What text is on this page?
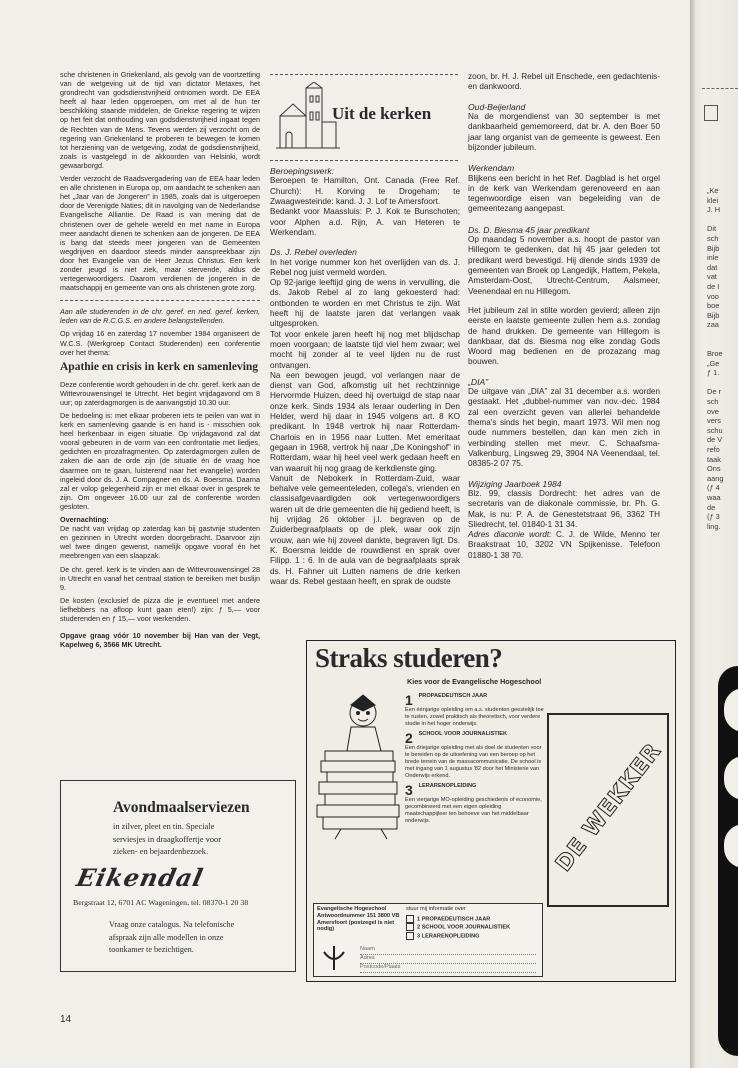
sche christenen in Griekenland, als gevolg van de voortzetting van de wetgeving uit de tijd van dictator Metaxes, het grondrecht van godsdienstvrijheid ontnomen wordt. De EEA heeft al haar leden opgeroepen, om met al de hun ter beschikking staande middelen, de Griekse regering te wijzen op het feit dat onthouding van godsdienstvrijheid ingaat tegen de Rechten van de Mens. Tevens werden zij verzocht om de regering van Griekenland te proberen te bewegen te komen tot herziening van de wetgeving, zodat de godsdienstvrijheid, zoals is vastgelegd in de akkoorden van Helsinki, wordt gewaarborgd.

Verder verzocht de Raadsvergadering van de EEA haar leden en alle christenen in Europa op, om aandacht te schenken aan het „Jaar van de Jongeren” in 1985, zoals dat is uitgeroepen door de Verenigde Naties; dit in navolging van de Nederlandse Evangelische Alliantie. De Raad is van mening dat de christenen over de gehele wereld en met name in Europa meer aandacht dienen te schenken aan de jongeren. De EEA is bang dat steeds meer jongeren van de Gemeenten wegdrijven en daardoor steeds minder aanspreekbaar zijn door het Evangelie van de Heer Jezus Christus. Een kerk zonder jeugd is niet ziek, maar stervende, aldus de vertegenwoordigers. Daarom verdienen de jongeren in de maatschappij en gemeente van ons als christenen grote zorg.

Aan alle studerenden in de chr. geref. en ned. geref. kerken, leden van de R.C.G.S. en andere belangstellenden.

Op vrijdag 16 en zaterdag 17 november 1984 organiseert de W.C.S. (Werkgroep Contact Studerenden) een conferentie over het thema:

Apathie en crisis in kerk en samenleving

Deze conferentie wordt gehouden in de chr. geref. kerk aan de Wittevrouwensingel te Utrecht. Het begint vrijdagavond om 8 uur; op zaterdagmorgen is de aanvangstijd 10.30 uur.

De bedoeling is: met elkaar proberen iets te peilen van wat in kerk en samenleving gaande is en hand is - misschien ook heel herkenbaar in eigen situatie. Op vrijdagavond zal dat vooral gebeuren in de vorm van een confrontatie met liedjes, gedichten en prozafragmenten. Op zaterdagmorgen zullen de zaken die aan de orde zijn (de situatie én de vraag hoe daarmee om te gaan, luisterend naar het evangelie) worden ingeleid door ds. J. A. Compagner en ds. A. Boersma. Daarna zal er volop gelegenheid zijn er met elkaar over in gesprek te zijn. Om ongeveer 16.00 uur zal de conferentie worden gesloten.

Overnachting:

De nacht van vrijdag op zaterdag kan bij gastvrije studenten en gezinnen in Utrecht worden doorgebracht. Daarvoor zijn wel twee dingen gewenst, namelijk opgave vooraf én het meebrengen van een slaapzak.

De chr. geref. kerk is te vinden aan de Wittevrouwensingel 28 in Utrecht en vanaf het centraal station te bereiken met buslijn 9.

De kosten (exclusief de pizza die je eventueel met andere liefhebbers na afloop kunt gaan eten!) zijn: ƒ 5,— voor studerenden en ƒ 15,— voor werkenden.

Opgave graag vóór 10 november bij Han van der Vegt, Kapelweg 6, 3566 MK Utrecht.

Avondmaalserviezen
in zilver, pleet en tin. Speciale
serviesjes in draagkoffertje voor
zieken- en bejaardenbezoek.
Eikendal
Bergstraat 12, 6701 AC Wageningen, tel. 08370-1 20 38
Vraag onze catalogus. Na telefonische
afspraak zijn alle modellen in onze
toonkamer te bezichtigen.
14
Uit de kerken
Beroepingswerk:

Beroepen te Hamilton, Ont. Canada (Free Ref. Church): H. Korving te Drogeham; te Zwaagwesteinde: kand. J. J. Lof te Amersfoort.

Bedankt voor Maassluis: P. J. Kok te Bunschoten; voor Alphen a.d. Rijn, A. van Heteren te Werkendam.

Ds. J. Rebel overleden

In het vorige nummer kon het overlijden van ds. J. Rebel nog juist vermeld worden.

Op 92-jarige leeftijd ging de wens in vervulling, die ds. Jakob Rebel al zo lang gekoesterd had: ontbonden te worden en met Christus te zijn. Wat heeft hij de laatste jaren dat verlangen vaak uitgesproken.

Tot voor enkele jaren heeft hij nog met blijdschap moen voorgaan; de laatste tijd viel hem zwaar; wel mocht hij zonder al te veel lijden nu de rust ontvangen.

Na een bewogen jeugd, vol verlangen naar de dienst van God, afkomstig uit het rechtzinnige Hervormde Huizen, deed hij overtuigd de stap naar onze kerk. Sinds 1934 als leraar ouderling in Den Helder, werd hij daar in 1945 volgens art. 8 KO predikant. In 1948 vertrok hij naar Rotterdam-Charlois en in 1956 naar Lutten. Met emeritaat gegaan in 1968, vertrok hij naar „De Koningshof” in Rotterdam, waar hij heel veel werk gedaan heeft en van waaruit hij nog graag de kerkdienste ging.

Vanuit de Nebokerk in Rotterdam-Zuid, waar behalve vele gemeenteleden, collega's, vrienden en classisafgevaardigden ook vertegenwoordigers waren uit de drie gemeenten die hij gediend heeft, is hij vrijdag 26 oktober j.l. begraven op de Zuiderbegraafplaats op de plek, waar ook zijn vrouw, aan wie hij zoveel dankte, begraven ligt. Ds. K. Boersma leidde de rouwdienst en sprak over Filipp. 1 : 6. In de aula van de begraafplaats sprak ds. H. Fahner uit Lutten namens de drie kerken waar ds. Rebel gestaan heeft, en sprak de oudste

zoon, br. H. J. Rebel uit Enschede, een gedachtenis- en dankwoord.

Oud-Beijerland

Na de morgendienst van 30 september is met dankbaarheid gememoreerd, dat br. A. den Boer 50 jaar lang organist van de gemeente is geweest. Een bijzonder jubileum.

Werkendam

Blijkens een bericht in het Ref. Dagblad is het orgel in de kerk van Werkendam gerenoveerd en aan tegenwoordige eisen van begeleiding van de gemeentezang aangepast.

Ds. D. Biesma 45 jaar predikant

Op maandag 5 november a.s. hoopt de pastor van Hillegom te gedenken, dat hij 45 jaar geleden tot predikant werd bevestigd. Hij diende sinds 1939 de gemeenten van Broek op Langedijk, Hattem, Pekela, Amsterdam-Oost, Utrecht-Centrum, Aalsmeer, Veenendaal en nu Hillegom.

Het jubileum zal in stilte worden gevierd; alleen zijn eerste en laatste gemeente zullen hem a.s. zondag de hand drukken. De gemeente van Hillegom is dankbaar, dat ds. Biesma nog elke zondag Gods Woord mag bedienen en de prozazang mag bouwen.

„DIA”

De uitgave van „DIA” zal 31 december a.s. worden gestaakt. Het „dubbel-nummer van nov.-dec. 1984 zal een overzicht geven van allerlei behandelde thema's sinds het begin, maart 1973. Wil men nog oude nummers bestellen, dan kan men zich in verbinding stellen met mevr. C. Schaafsma-Valkenburg, Lingsweg 29, 3904 NA Veenendaal, tel. 08385-2 07 75.

Wijziging Jaarboek 1984

Blz. 99, classis Dordrecht: het adres van de secretaris van de diakonale commissie, br. Ph. G. Mak, is nu: P. A. de Genestetstraat 96, 3362 TH Sliedrecht, tel. 01840-1 31 34.

Adres diaconie wordt: C. J. de Wilde, Menno ter Braakstraat 10, 3202 VN Spijkenisse. Telefoon 01880-1 38 70.

Straks studeren?
Kies voor de Evangelische Hogeschool
1 PROPAEDEUTISCH JAAR
Een éénjarige opleiding om a.s. studenten geestelijk toe te rusten, zowel praktisch als theoretisch, voor verdere studie in het hoger onderwijs.
2 SCHOOL VOOR JOURNALISTIEK
Een driejarige opleiding met als doel de studenten voor te bereiden op de uitoefening van een beroep op het brede terrein van de massacommunicatie. De school is met ingang van 1 augustus '82 door het Ministerie van Onderwijs erkend.
3 LERARENOPLEIDING
Een vierjarige MO-opleiding geschiedenis of economie, gecombineerd met een eigen opleiding maatschappijleer ten behoeve van het middelbaar onderwijs.	DE WEKKER
Evangelische Hogeschool Antwoordnummer 151 3800 VB Amersfoort (postzegel is niet nodig)
stuur mij informatie over
1 PROPAEDEUTISCH JAAR
2 SCHOOL VOOR JOURNALISTIEK
3 LERARENOPLEIDING
Naam
Adres
Postcode/Plaats
„Ke
klei
J. H

Dit
sch
Bijb
inle
dat
vat
de I
voo
boe
Bijb
zaa

Broe
„Ge
ƒ 1.

De r
sch
ove
vers
schu
de V
refo
taak
Ons
aang
(ƒ 4
waa
de
(ƒ 3
ling.
